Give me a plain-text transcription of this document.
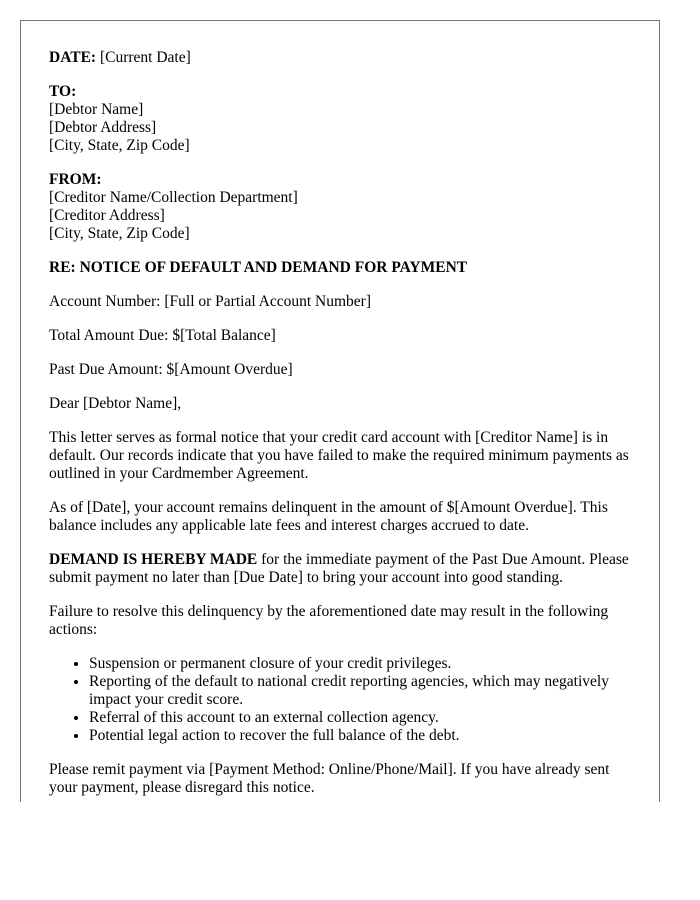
DATE: [Current Date]

TO:
[Debtor Name]
[Debtor Address]
[City, State, Zip Code]

FROM:
[Creditor Name/Collection Department]
[Creditor Address]
[City, State, Zip Code]

RE: NOTICE OF DEFAULT AND DEMAND FOR PAYMENT

Account Number: [Full or Partial Account Number]

Total Amount Due: $[Total Balance]

Past Due Amount: $[Amount Overdue]

Dear [Debtor Name],

This letter serves as formal notice that your credit card account with [Creditor Name] is in default. Our records indicate that you have failed to make the required minimum payments as outlined in your Cardmember Agreement.

As of [Date], your account remains delinquent in the amount of $[Amount Overdue]. This balance includes any applicable late fees and interest charges accrued to date.

DEMAND IS HEREBY MADE for the immediate payment of the Past Due Amount. Please submit payment no later than [Due Date] to bring your account into good standing.

Failure to resolve this delinquency by the aforementioned date may result in the following actions:

• Suspension or permanent closure of your credit privileges.
• Reporting of the default to national credit reporting agencies, which may negatively impact your credit score.
• Referral of this account to an external collection agency.
• Potential legal action to recover the full balance of the debt.

Please remit payment via [Payment Method: Online/Phone/Mail]. If you have already sent your payment, please disregard this notice.
